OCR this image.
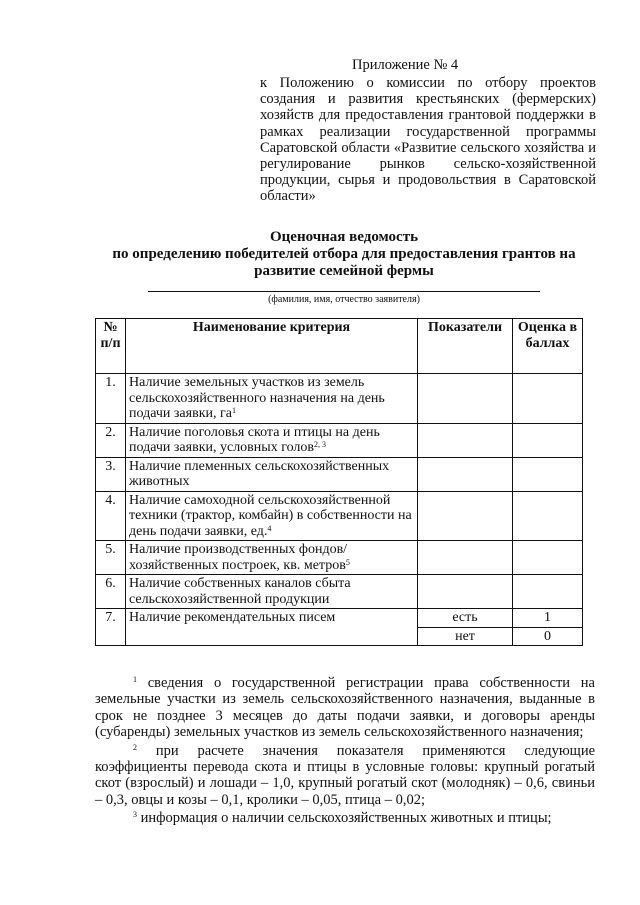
Приложение № 4
к Положению о комиссии по отбору проектов создания и развития крестьянских (фермерских) хозяйств для предоставления грантовой поддержки в рамках реализации государственной программы Саратовской области «Развитие сельского хозяйства и регулирование рынков сельско-хозяйственной продукции, сырья и продовольствия в Саратовской области»
Оценочная ведомость
по определению победителей отбора для предоставления грантов на
развитие семейной фермы
(фамилия, имя, отчество заявителя)
№ п/п	Наименование критерия	Показатели	Оценка в баллах
1.	Наличие земельных участков из земель сельскохозяйственного назначения на день подачи заявки, $га^1$		
2.	Наличие поголовья скота и птицы на день подачи заявки, условных голов$^{2, 3}$		
3.	Наличие племенных сельскохозяйственных животных		
4.	Наличие самоходной сельскохозяйственной техники (трактор, комбайн) в собственности на день подачи заявки, ед.$^4$		
5.	Наличие производственных фондов/ хозяйственных построек, кв. метров$^5$		
6.	Наличие собственных каналов сбыта сельскохозяйственной продукции		
7.	Наличие рекомендательных писем	есть	1
		нет	0

$^1$ сведения о государственной регистрации права собственности на земельные участки из земель сельскохозяйственного назначения, выданные в срок не позднее 3 месяцев до даты подачи заявки, и договоры аренды (субаренды) земельных участков из земель сельскохозяйственного назначения;

$^2$ при расчете значения показателя применяются следующие коэффициенты перевода скота и птицы в условные головы: крупный рогатый скот (взрослый) и лошади – 1,0, крупный рогатый скот (молодняк) – 0,6, свиньи – 0,3, овцы и козы – 0,1, кролики – 0,05, птица – 0,02;

$^3$ информация о наличии сельскохозяйственных животных и птицы;
